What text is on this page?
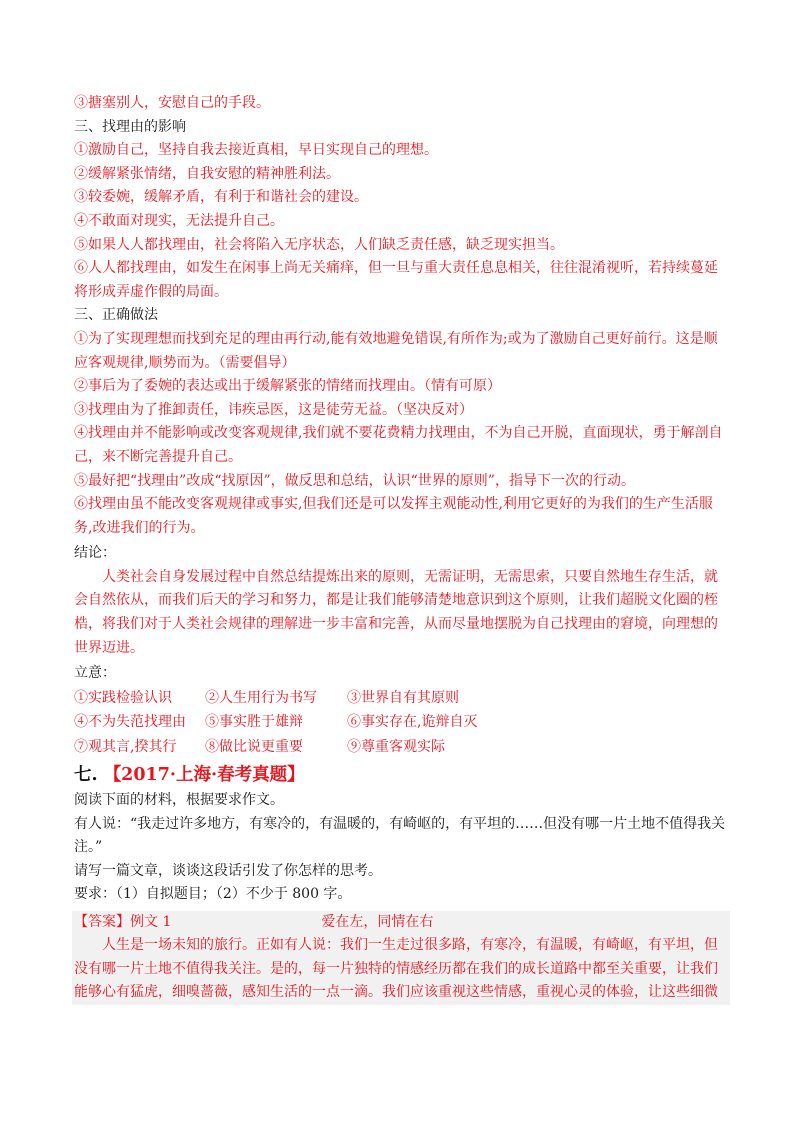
③搪塞别人，安慰自己的手段。
三、找理由的影响
①激励自己，坚持自我去接近真相，早日实现自己的理想。
②缓解紧张情绪，自我安慰的精神胜利法。
③较委婉，缓解矛盾，有利于和谐社会的建设。
④不敢面对现实，无法提升自己。
⑤如果人人都找理由，社会将陷入无序状态，人们缺乏责任感，缺乏现实担当。
⑥人人都找理由，如发生在闲事上尚无关痛痒，但一旦与重大责任息息相关，往往混淆视听，若持续蔓延将形成弄虚作假的局面。
三、正确做法
①为了实现理想而找到充足的理由再行动,能有效地避免错误,有所作为;或为了激励自己更好前行。这是顺应客观规律,顺势而为。（需要倡导）
②事后为了委婉的表达或出于缓解紧张的情绪而找理由。（情有可原）
③找理由为了推卸责任，讳疾忌医，这是徒劳无益。（坚决反对）
④找理由并不能影响或改变客观规律,我们就不要花费精力找理由，不为自己开脱，直面现状，勇于解剖自己，来不断完善提升自己。
⑤最好把“找理由”改成“找原因”，做反思和总结，认识“世界的原则”，指导下一次的行动。
⑥找理由虽不能改变客观规律或事实,但我们还是可以发挥主观能动性,利用它更好的为我们的生产生活服务,改进我们的行为。
结论：
人类社会自身发展过程中自然总结提炼出来的原则，无需证明，无需思索，只要自然地生存生活，就会自然依从，而我们后天的学习和努力，都是让我们能够清楚地意识到这个原则，让我们超脱文化圈的桎梏，将我们对于人类社会规律的理解进一步丰富和完善，从而尽量地摆脱为自己找理由的窘境，向理想的世界迈进。
立意：
①实践检验认识	②人生用行为书写	③世界自有其原则
④不为失范找理由	⑤事实胜于雄辩	⑥事实存在,诡辩自灭
⑦观其言,揆其行	⑧做比说更重要	⑨尊重客观实际
七. 【2017·上海·春考真题】
阅读下面的材料，根据要求作文。
有人说：“我走过许多地方，有寒冷的，有温暖的，有崎岖的，有平坦的……但没有哪一片土地不值得我关注。”
请写一篇文章，谈谈这段话引发了你怎样的思考。
要求：（1）自拟题目；（2）不少于 800 字。
【答案】例文 1	爱在左，同情在右
人生是一场未知的旅行。正如有人说：我们一生走过很多路，有寒冷，有温暖，有崎岖，有平坦，但没有哪一片土地不值得我关注。是的，每一片独特的情感经历都在我们的成长道路中都至关重要，让我们能够心有猛虎，细嗅蔷薇，感知生活的一点一滴。我们应该重视这些情感，重视心灵的体验，让这些细微
